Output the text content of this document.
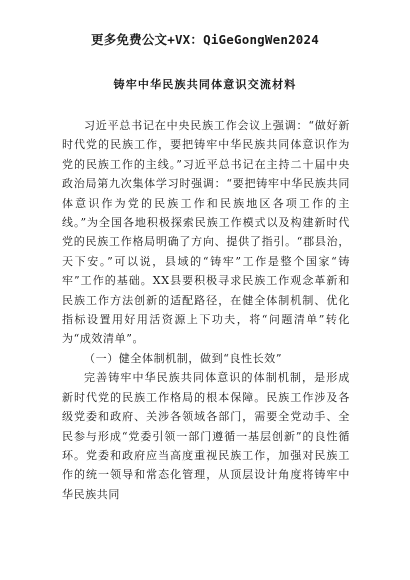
更多免费公文+VX：QiGeGongWen2024
铸牢中华民族共同体意识交流材料

习近平总书记在中央民族工作会议上强调：“做好新时代党的民族工作，要把铸牢中华民族共同体意识作为党的民族工作的主线。”习近平总书记在主持二十届中央政治局第九次集体学习时强调：“要把铸牢中华民族共同体意识作为党的民族工作和民族地区各项工作的主线。”为全国各地积极探索民族工作模式以及构建新时代党的民族工作格局明确了方向、提供了指引。“郡县治，天下安。”可以说，县域的“铸牢”工作是整个国家“铸牢”工作的基础。XX县要积极寻求民族工作观念革新和民族工作方法创新的适配路径，在健全体制机制、优化指标设置用好用活资源上下功夫，将“问题清单”转化为“成效清单”。

（一）健全体制机制，做到“良性长效”

完善铸牢中华民族共同体意识的体制机制，是形成新时代党的民族工作格局的根本保障。民族工作涉及各级党委和政府、关涉各领域各部门，需要全党动手、全民参与形成“党委引领一部门遵循一基层创新”的良性循环。党委和政府应当高度重视民族工作，加强对民族工作的统一领导和常态化管理，从顶层设计角度将铸牢中华民族共同
